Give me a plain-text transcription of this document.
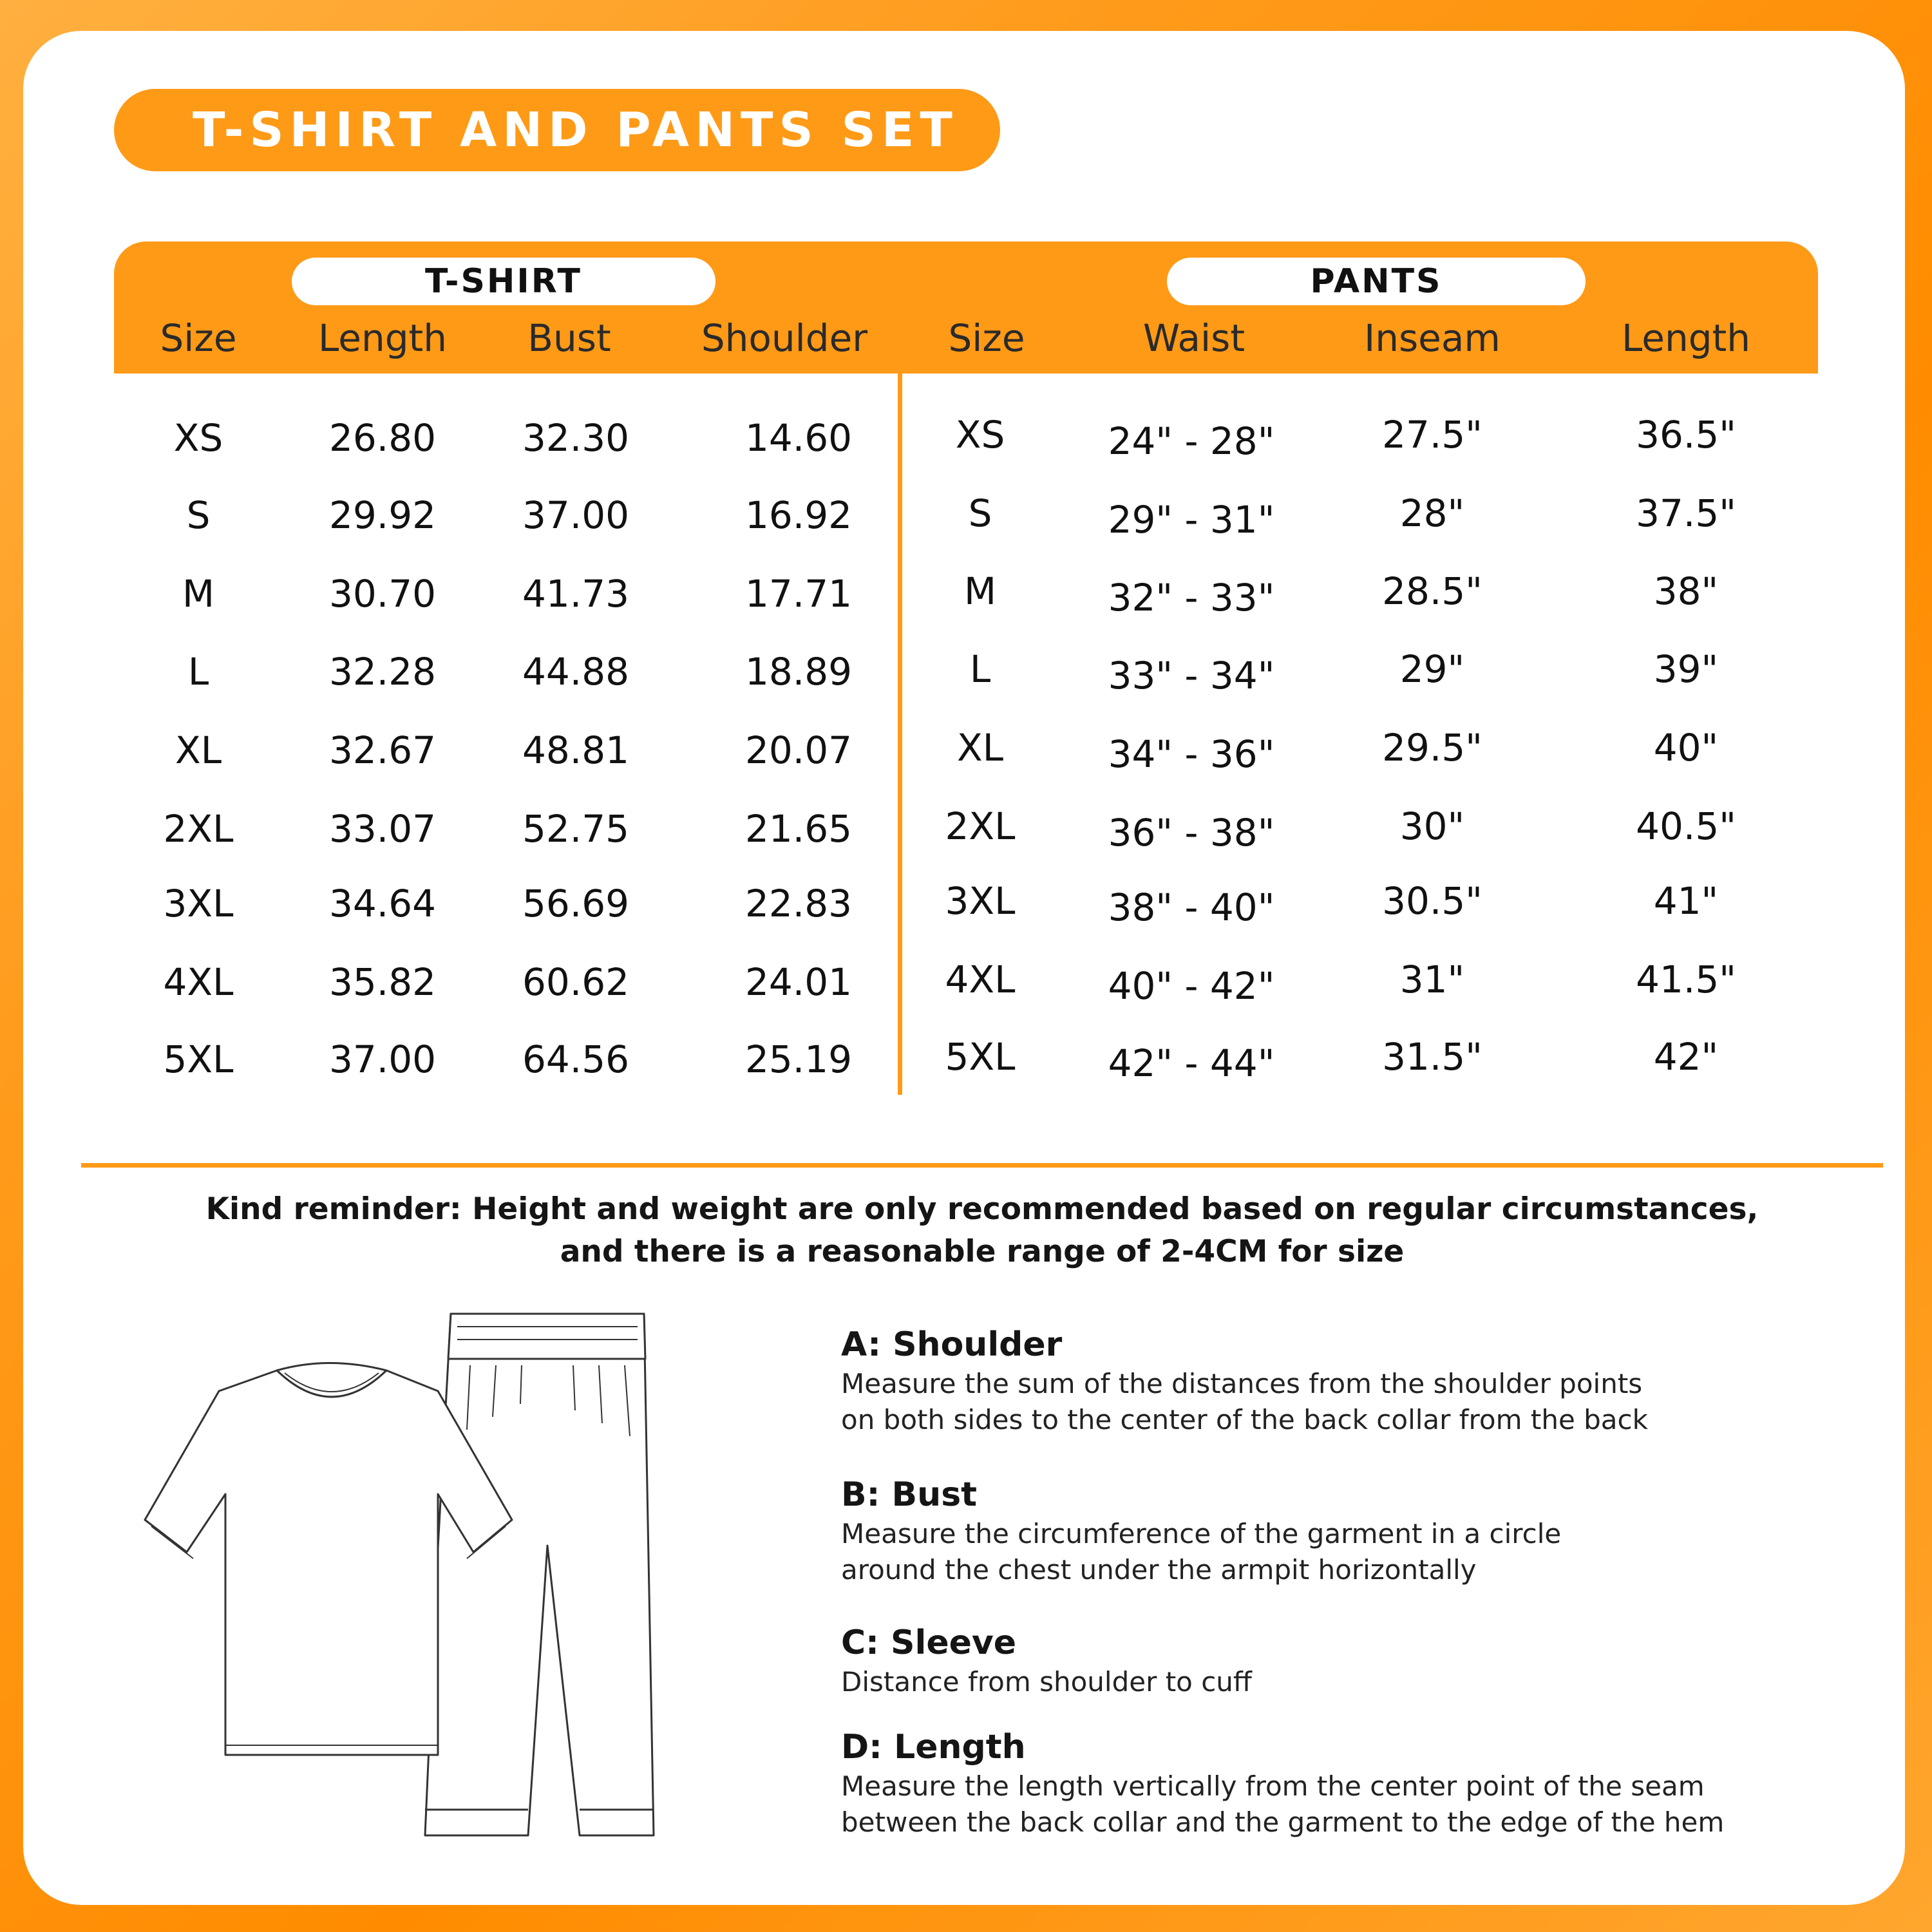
T-SHIRT AND PANTS SET
T-SHIRT	PANTS
Size	Length	Bust	Shoulder	Size	Waist	Inseam	Length
XS	26.80	32.30	14.60	XS	24" - 28"	27.5"	36.5"
S	29.92	37.00	16.92	S	29" - 31"	28"	37.5"
M	30.70	41.73	17.71	M	32" - 33"	28.5"	38"
L	32.28	44.88	18.89	L	33" - 34"	29"	39"
XL	32.67	48.81	20.07	XL	34" - 36"	29.5"	40"
2XL	33.07	52.75	21.65	2XL	36" - 38"	30"	40.5"
3XL	34.64	56.69	22.83	3XL	38" - 40"	30.5"	41"
4XL	35.82	60.62	24.01	4XL	40" - 42"	31"	41.5"
5XL	37.00	64.56	25.19	5XL	42" - 44"	31.5"	42"
Kind reminder: Height and weight are only recommended based on regular circumstances,
and there is a reasonable range of 2-4CM for size
A: Shoulder
Measure the sum of the distances from the shoulder points
on both sides to the center of the back collar from the back
B: Bust
Measure the circumference of the garment in a circle
around the chest under the armpit horizontally
C: Sleeve
Distance from shoulder to cuff
D: Length
Measure the length vertically from the center point of the seam
between the back collar and the garment to the edge of the hem
